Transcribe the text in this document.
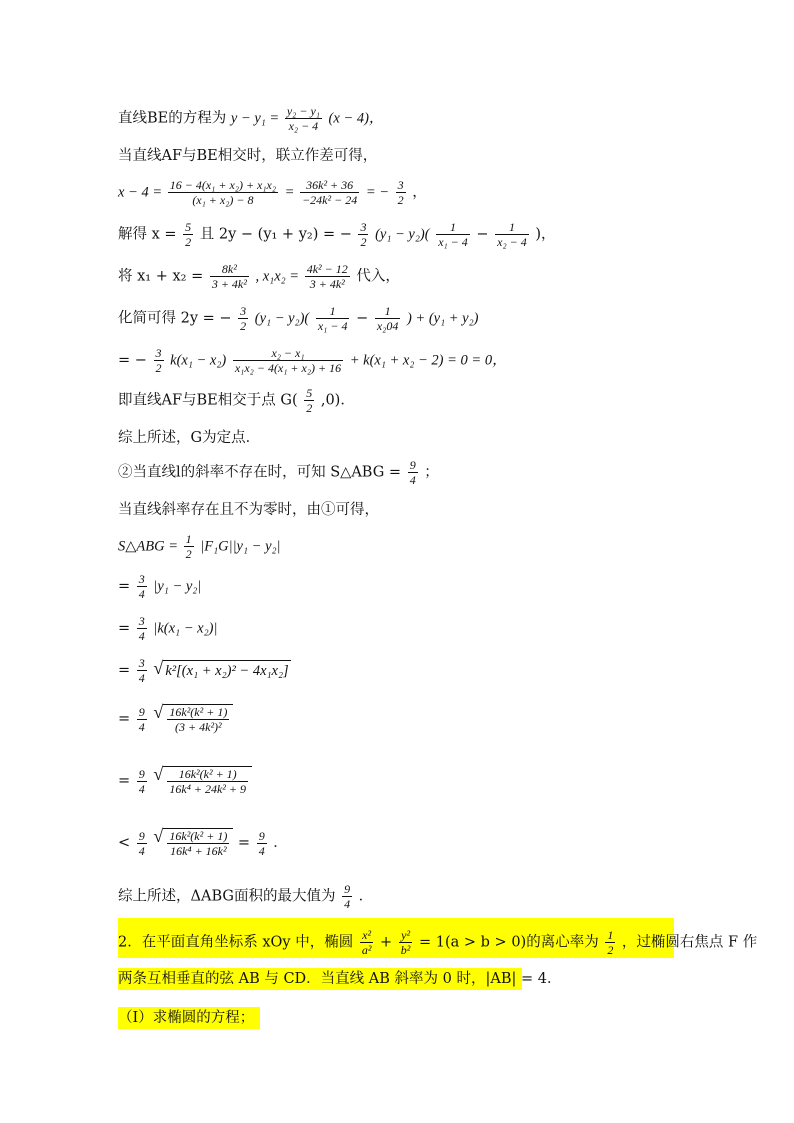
直线BE的方程为 $y - y_1 = \frac{\text{y₂ − y₁}}{\text{x₂ − 4}} (x - 4)$，
当直线AF与BE相交时，联立作差可得，
$x - 4 = \frac{\text{16 − 4(x₁ + x₂) + x₁x₂}}{\text{(x₁ + x₂) − 8}} = \frac{\text{36k² + 36}}{\text{−24k² − 24}}$ = − $\frac{3}{2}$ ，
解得 $x = \frac{5}{2}$ 且 2y − (y₁ + y₂) = − $\frac{3}{2} (y_1 - y_2)( \frac{1}{\text{x₁ − 4}} - \frac{1}{\text{x₂ − 4}}$ )，
将 $x_1 + x_2 = \frac{\text{8k²}}{\text{3 + 4k²}}$ , $x_1x_2 = \frac{\text{4k² − 12}}{\text{3 + 4k²}}$ 代入，
化简可得 2y = − $\frac{3}{2} (y_1 - y_2)( \frac{1}{\text{x₁ − 4}} - \frac{1}{\text{x₂04}}$ ) + (y₁ + y₂)
= − $\frac{3}{2} k(x_1 - x_2) \frac{\text{x₂ − x₁}}{\text{x₁x₂ − 4(x₁ + x₂) + 16}} + k(x_1 + x_2 - 2) = 0 = 0$，
即直线AF与BE相交于点 $G( \frac{5}{2} ,0)$．
综上所述，G为定点．
②当直线l的斜率不存在时，可知 S△ABG = $\frac{9}{4}$ ；
当直线斜率存在且不为零时，由①可得，
S△ABG = $\frac{1}{2} |F_1G||y_1 - y_2|$
= $\frac{3}{4} |y_1 - y_2|$
= $\frac{3}{4} |k(x_1 - x_2)|$
= $\frac{3}{4}$
√ k²[(x₁ + x₂)² − 4x₁x₂]
= $\frac{9}{4}$
√ $\frac{\text{16k²(k² + 1)}}{\text{(3 + 4k²)²}}$
= $\frac{9}{4}$
√ $\frac{\text{16k²(k² + 1)}}{\text{16k⁴ + 24k² + 9}}$
< $\frac{9}{4}$
√ $\frac{\text{16k²(k² + 1)}}{\text{16k⁴ + 16k²}} = \frac{9}{4}$ ．
综上所述，ΔABG面积的最大值为 $\frac{9}{4}$ ．
2．在平面直角坐标系 xOy 中，椭圆 $\frac{\text{x²}}{\text{a²}} + \frac{\text{y²}}{\text{b²}} = 1(a > b > 0)$的离心率为 $\frac{1}{2}$ ，过椭圆右焦点 F 作
两条互相垂直的弦 AB 与 CD．当直线 AB 斜率为 0 时，|AB| = 4．
（Ⅰ）求椭圆的方程；
